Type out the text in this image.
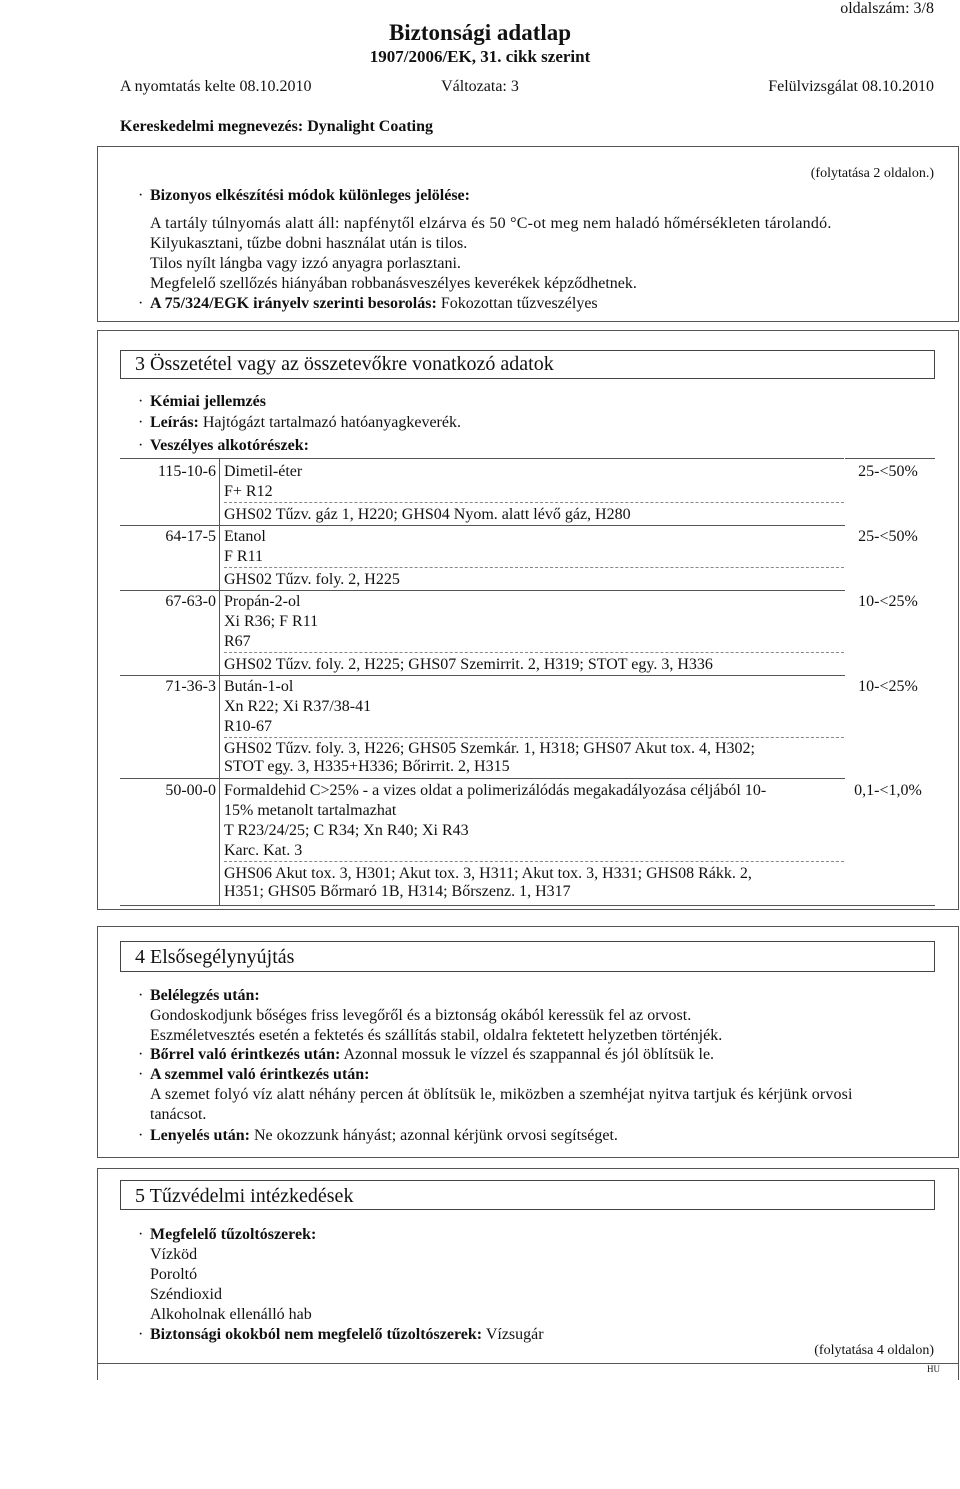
oldalszám: 3/8
Biztonsági adatlap
1907/2006/EK, 31. cikk szerint
A nyomtatás kelte 08.10.2010	Változata: 3	Felülvizsgálat 08.10.2010
Kereskedelmi megnevezés: Dynalight Coating
(folytatása 2 oldalon.)
· Bizonyos elkészítési módok különleges jelölése:
A tartály túlnyomás alatt áll: napfénytől elzárva és 50 °C-ot meg nem haladó hőmérsékleten tárolandó.
Kilyukasztani, tűzbe dobni használat után is tilos.
Tilos nyílt lángba vagy izzó anyagra porlasztani.
Megfelelő szellőzés hiányában robbanásveszélyes keverékek képződhetnek.
· A 75/324/EGK irányelv szerinti besorolás: Fokozottan tűzveszélyes
3 Összetétel vagy az összetevőkre vonatkozó adatok
· Kémiai jellemzés
· Leírás: Hajtógázt tartalmazó hatóanyagkeverék.
· Veszélyes alkotórészek:
115-10-6 Dimetil-éter	25-<50%
F+ R12
GHS02 Tűzv. gáz 1, H220; GHS04 Nyom. alatt lévő gáz, H280
64-17-5 Etanol	25-<50%
F R11
GHS02 Tűzv. foly. 2, H225
67-63-0 Propán-2-ol	10-<25%
Xi R36; F R11
R67
GHS02 Tűzv. foly. 2, H225; GHS07 Szemirrit. 2, H319; STOT egy. 3, H336
71-36-3 Bután-1-ol	10-<25%
Xn R22; Xi R37/38-41
R10-67
GHS02 Tűzv. foly. 3, H226; GHS05 Szemkár. 1, H318; GHS07 Akut tox. 4, H302;
STOT egy. 3, H335+H336; Bőrirrit. 2, H315
50-00-0 Formaldehid C>25% - a vizes oldat a polimerizálódás megakadályozása céljából 10-	0,1-<1,0%
15% metanolt tartalmazhat
T R23/24/25; C R34; Xn R40; Xi R43
Karc. Kat. 3
GHS06 Akut tox. 3, H301; Akut tox. 3, H311; Akut tox. 3, H331; GHS08 Rákk. 2,
H351; GHS05 Bőrmaró 1B, H314; Bőrszenz. 1, H317
4 Elsősegélynyújtás
· Belélegzés után:
Gondoskodjunk bőséges friss levegőről és a biztonság okából keressük fel az orvost.
Eszméletvesztés esetén a fektetés és szállítás stabil, oldalra fektetett helyzetben történjék.
· Bőrrel való érintkezés után: Azonnal mossuk le vízzel és szappannal és jól öblítsük le.
· A szemmel való érintkezés után:
A szemet folyó víz alatt néhány percen át öblítsük le, miközben a szemhéjat nyitva tartjuk és kérjünk orvosi
tanácsot.
· Lenyelés után: Ne okozzunk hányást; azonnal kérjünk orvosi segítséget.
5 Tűzvédelmi intézkedések
· Megfelelő tűzoltószerek:
Vízköd
Poroltó
Széndioxid
Alkoholnak ellenálló hab
· Biztonsági okokból nem megfelelő tűzoltószerek: Vízsugár
(folytatása 4 oldalon)
HU
